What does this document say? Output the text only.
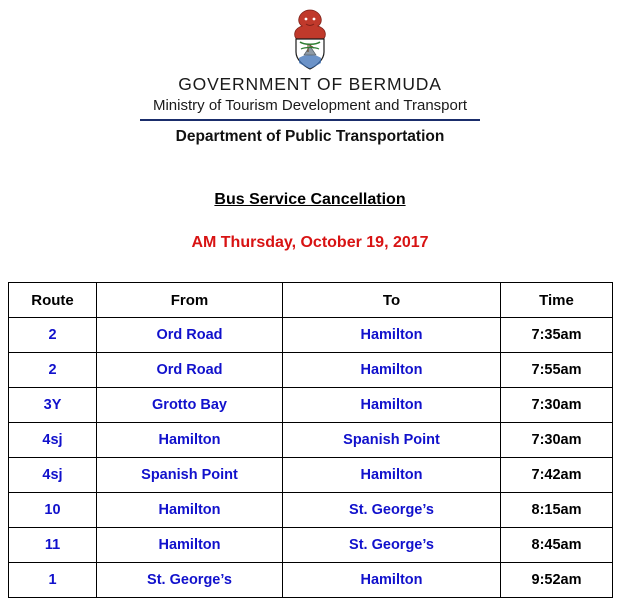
GOVERNMENT OF BERMUDA
Ministry of Tourism Development and Transport
Department of Public Transportation
Bus Service Cancellation
AM Thursday, October 19, 2017
Route	From	To	Time
2	Ord Road	Hamilton	7:35am
2	Ord Road	Hamilton	7:55am
3Y	Grotto Bay	Hamilton	7:30am
4sj	Hamilton	Spanish Point	7:30am
4sj	Spanish Point	Hamilton	7:42am
10	Hamilton	St. George’s	8:15am
11	Hamilton	St. George’s	8:45am
1	St. George’s	Hamilton	9:52am
